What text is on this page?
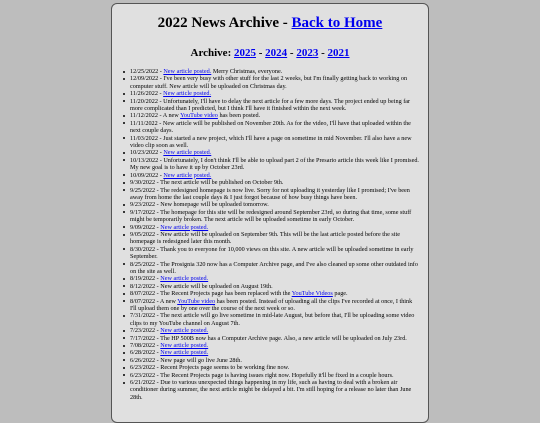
2022 News Archive - Back to Home
Archive: 2025 - 2024 - 2023 - 2021
12/25/2022 - New article posted. Merry Christmas, everyone.
12/09/2022 - I've been very busy with other stuff for the last 2 weeks, but I'm finally getting back to working on computer stuff. New article will be uploaded on Christmas day.
11/26/2022 - New article posted.
11/20/2022 - Unfortunately, I'll have to delay the next article for a few more days. The project ended up being far more complicated than I predicted, but I think I'll have it finished within the next week.
11/12/2022 - A new YouTube video has been posted.
11/11/2022 - New article will be published on November 20th. As for the video, I'll have that uploaded within the next couple days.
11/03/2022 - Just started a new project, which I'll have a page on sometime in mid November. I'll also have a new video clip soon as well.
10/23/2022 - New article posted.
10/13/2022 - Unfortunately, I don't think I'll be able to upload part 2 of the Presario article this week like I promised. My new goal is to have it up by October 23rd.
10/09/2022 - New article posted.
9/30/2022 - The next article will be published on October 9th.
9/25/2022 - The redesigned homepage is now live. Sorry for not uploading it yesterday like I promised; I've been away from home the last couple days & I just forgot because of how busy things have been.
9/23/2022 - New homepage will be uploaded tomorrow.
9/17/2022 - The homepage for this site will be redesigned around September 23rd, so during that time, some stuff might be temporarily broken. The next article will be uploaded sometime in early October.
9/09/2022 - New article posted.
9/05/2022 - New article will be uploaded on September 9th. This will be the last article posted before the site homepage is redesigned later this month.
8/30/2022 - Thank you to everyone for 10,000 views on this site. A new article will be uploaded sometime in early September.
8/25/2022 - The Prosignia 320 now has a Computer Archive page, and I've also cleaned up some other outdated info on the site as well.
8/19/2022 - New article posted.
8/12/2022 - New article will be uploaded on August 19th.
8/07/2022 - The Recent Projects page has been replaced with the YouTube Videos page.
8/07/2022 - A new YouTube video has been posted. Instead of uploading all the clips I've recorded at once, I think I'll upload them one by one over the course of the next week or so.
7/31/2022 - The next article will go live sometime in mid-late August, but before that, I'll be uploading some video clips to my YouTube channel on August 7th.
7/23/2022 - New article posted.
7/17/2022 - The HP 500B now has a Computer Archive page. Also, a new article will be uploaded on July 23rd.
7/08/2022 - New article posted.
6/28/2022 - New article posted.
6/26/2022 - New page will go live June 28th.
6/23/2022 - Recent Projects page seems to be working fine now.
6/23/2022 - The Recent Projects page is having issues right now. Hopefully it'll be fixed in a couple hours.
6/21/2022 - Due to various unexpected things happening in my life, such as having to deal with a broken air conditioner during summer, the next article might be delayed a bit. I'm still hoping for a release no later than June 28th.
